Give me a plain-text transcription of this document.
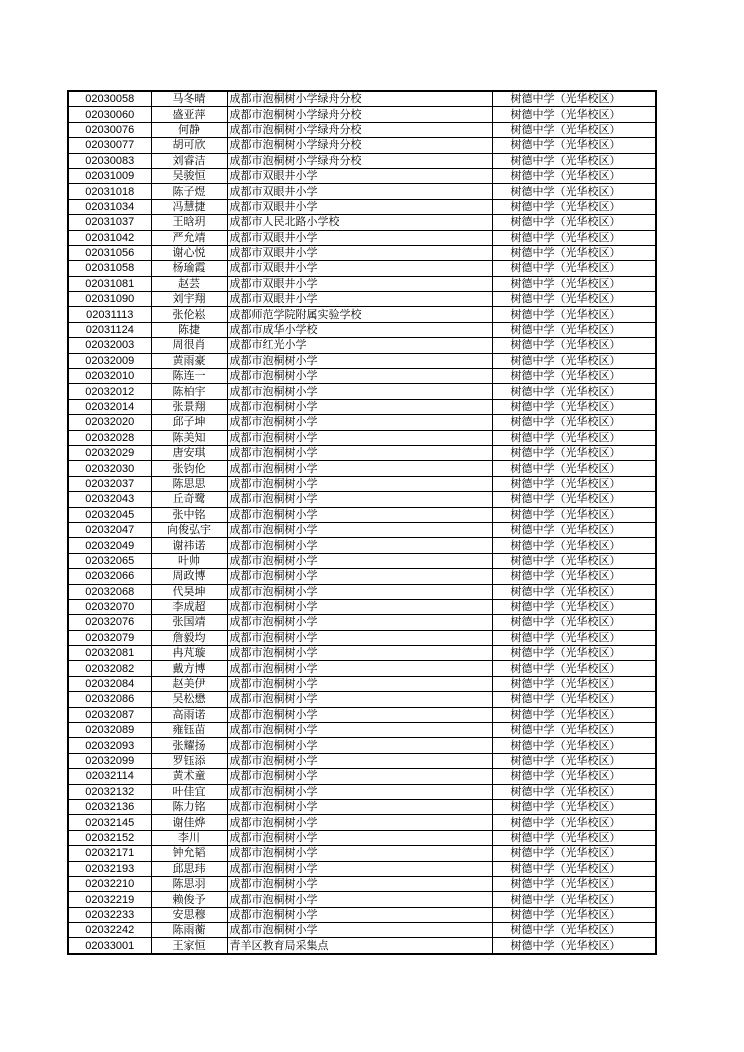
02030058	马冬晴	成都市泡桐树小学绿舟分校	树德中学（光华校区）
02030060	盛亚萍	成都市泡桐树小学绿舟分校	树德中学（光华校区）
02030076	何静	成都市泡桐树小学绿舟分校	树德中学（光华校区）
02030077	胡可欣	成都市泡桐树小学绿舟分校	树德中学（光华校区）
02030083	刘睿洁	成都市泡桐树小学绿舟分校	树德中学（光华校区）
02031009	吴骏恒	成都市双眼井小学	树德中学（光华校区）
02031018	陈子煜	成都市双眼井小学	树德中学（光华校区）
02031034	冯慧捷	成都市双眼井小学	树德中学（光华校区）
02031037	王晗玥	成都市人民北路小学校	树德中学（光华校区）
02031042	严允靖	成都市双眼井小学	树德中学（光华校区）
02031056	谢心悦	成都市双眼井小学	树德中学（光华校区）
02031058	杨瑜霞	成都市双眼井小学	树德中学（光华校区）
02031081	赵芸	成都市双眼井小学	树德中学（光华校区）
02031090	刘宇翔	成都市双眼井小学	树德中学（光华校区）
02031113	张伦崧	成都师范学院附属实验学校	树德中学（光华校区）
02031124	陈捷	成都市成华小学校	树德中学（光华校区）
02032003	周很肖	成都市红光小学	树德中学（光华校区）
02032009	黄雨豪	成都市泡桐树小学	树德中学（光华校区）
02032010	陈连一	成都市泡桐树小学	树德中学（光华校区）
02032012	陈柏宇	成都市泡桐树小学	树德中学（光华校区）
02032014	张景翔	成都市泡桐树小学	树德中学（光华校区）
02032020	邱子坤	成都市泡桐树小学	树德中学（光华校区）
02032028	陈美知	成都市泡桐树小学	树德中学（光华校区）
02032029	唐安琪	成都市泡桐树小学	树德中学（光华校区）
02032030	张钧伦	成都市泡桐树小学	树德中学（光华校区）
02032037	陈思思	成都市泡桐树小学	树德中学（光华校区）
02032043	丘奇鹭	成都市泡桐树小学	树德中学（光华校区）
02032045	张中铭	成都市泡桐树小学	树德中学（光华校区）
02032047	向俊弘宇	成都市泡桐树小学	树德中学（光华校区）
02032049	谢祎诺	成都市泡桐树小学	树德中学（光华校区）
02032065	叶帅	成都市泡桐树小学	树德中学（光华校区）
02032066	周政博	成都市泡桐树小学	树德中学（光华校区）
02032068	代昊坤	成都市泡桐树小学	树德中学（光华校区）
02032070	李成超	成都市泡桐树小学	树德中学（光华校区）
02032076	张国靖	成都市泡桐树小学	树德中学（光华校区）
02032079	詹毅均	成都市泡桐树小学	树德中学（光华校区）
02032081	冉芃璇	成都市泡桐树小学	树德中学（光华校区）
02032082	戴方博	成都市泡桐树小学	树德中学（光华校区）
02032084	赵美伊	成都市泡桐树小学	树德中学（光华校区）
02032086	吴松懋	成都市泡桐树小学	树德中学（光华校区）
02032087	高雨诺	成都市泡桐树小学	树德中学（光华校区）
02032089	雍钰苗	成都市泡桐树小学	树德中学（光华校区）
02032093	张耀扬	成都市泡桐树小学	树德中学（光华校区）
02032099	罗钰添	成都市泡桐树小学	树德中学（光华校区）
02032114	黄术童	成都市泡桐树小学	树德中学（光华校区）
02032132	叶佳宜	成都市泡桐树小学	树德中学（光华校区）
02032136	陈力铭	成都市泡桐树小学	树德中学（光华校区）
02032145	谢佳烨	成都市泡桐树小学	树德中学（光华校区）
02032152	李川	成都市泡桐树小学	树德中学（光华校区）
02032171	钟允韬	成都市泡桐树小学	树德中学（光华校区）
02032193	邱思玮	成都市泡桐树小学	树德中学（光华校区）
02032210	陈思羽	成都市泡桐树小学	树德中学（光华校区）
02032219	赖俊予	成都市泡桐树小学	树德中学（光华校区）
02032233	安思穆	成都市泡桐树小学	树德中学（光华校区）
02032242	陈雨蘅	成都市泡桐树小学	树德中学（光华校区）
02033001	王家恒	青羊区教育局采集点	树德中学（光华校区）
